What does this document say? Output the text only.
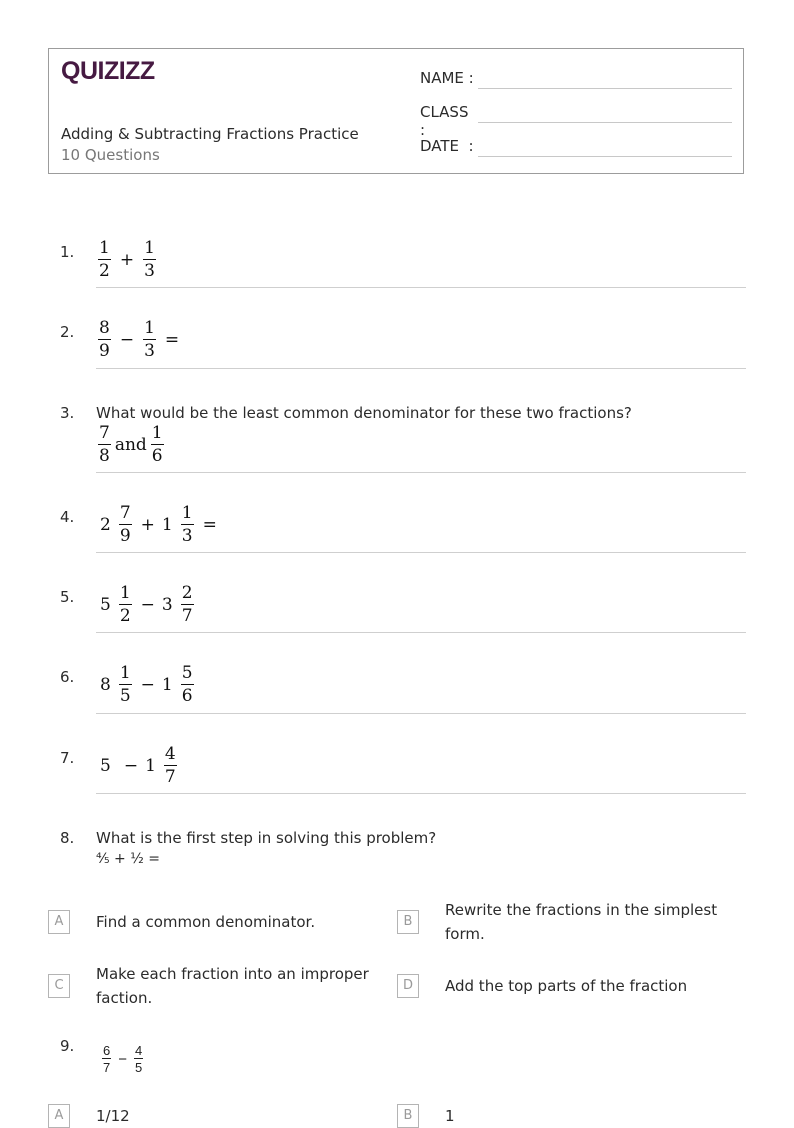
QUIZIZZ
Adding & Subtracting Fractions Practice
10 Questions
NAME :
CLASS :
DATE  :
1. $\frac{1}{2} + \frac{1}{3}$
2. $\frac{8}{9} - \frac{1}{3}$ =
3. What would be the least common denominator for these two fractions?
$\frac{7}{8}$ and $\frac{1}{6}$
4. $2 \frac{7}{9} + 1 \frac{1}{3}$ =
5. $5 \frac{1}{2} - 3 \frac{2}{7}$
6. $8 \frac{1}{5} - 1 \frac{5}{6}$
7. $5 - 1 \frac{4}{7}$
8. What is the first step in solving this problem?
⅘ + ½ =
A	Find a common denominator.	B
Rewrite the fractions in the simplest form.
C
Make each fraction into an improper faction.
D	Add the top parts of the fraction
9. $\frac{6}{7} - \frac{4}{5}$
A	1/12	B	1
